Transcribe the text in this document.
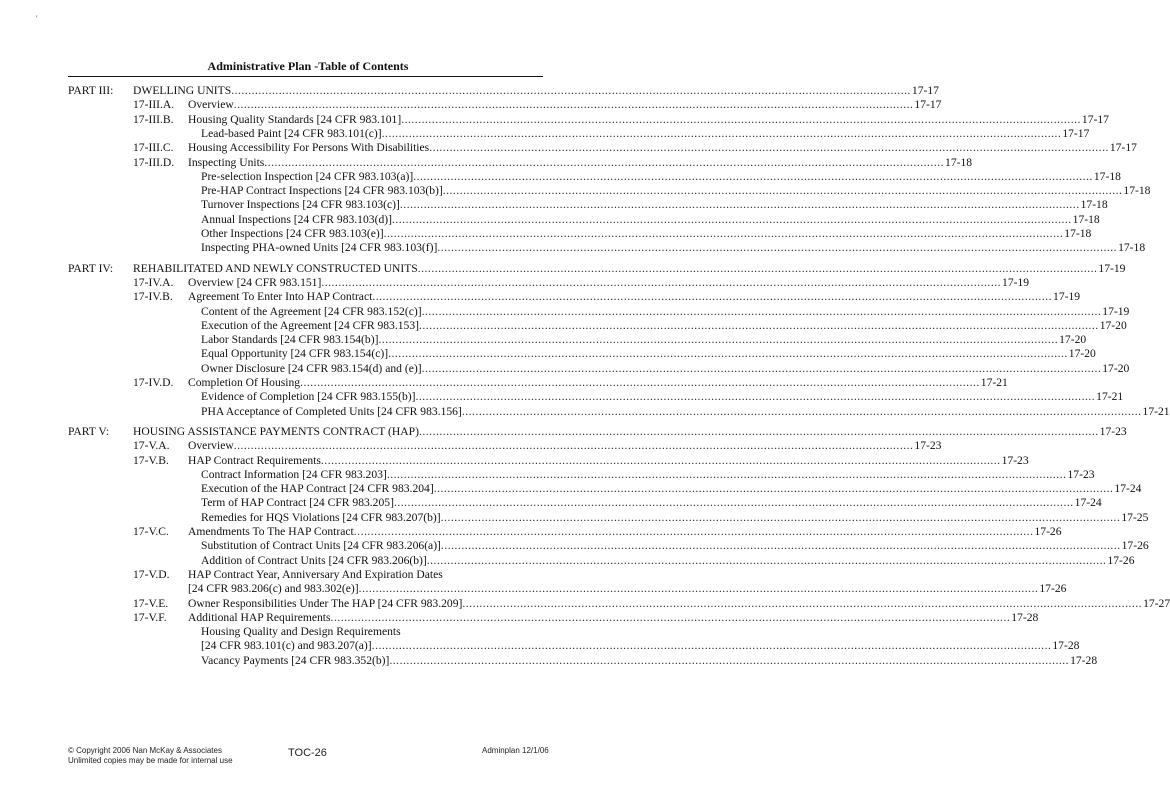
'
Administrative Plan -Table of Contents
PART III: DWELLING UNITS ........................................................................................................................................................................................................ 17-17
17-III.A. Overview ........................................................................................................................................................................................................ 17-17
17-III.B. Housing Quality Standards [24 CFR 983.101] ........................................................................................................................................................................................................ 17-17
Lead-based Paint [24 CFR 983.101(c)] ........................................................................................................................................................................................................ 17-17
17-III.C. Housing Accessibility For Persons With Disabilities ........................................................................................................................................................................................................ 17-17
17-III.D. Inspecting Units ........................................................................................................................................................................................................ 17-18
Pre-selection Inspection [24 CFR 983.103(a)] ........................................................................................................................................................................................................ 17-18
Pre-HAP Contract Inspections [24 CFR 983.103(b)] ........................................................................................................................................................................................................ 17-18
Turnover Inspections [24 CFR 983.103(c)] ........................................................................................................................................................................................................ 17-18
Annual Inspections [24 CFR 983.103(d)] ........................................................................................................................................................................................................ 17-18
Other Inspections [24 CFR 983.103(e)] ........................................................................................................................................................................................................ 17-18
Inspecting PHA-owned Units [24 CFR 983.103(f)] ........................................................................................................................................................................................................ 17-18
PART IV: REHABILITATED AND NEWLY CONSTRUCTED UNITS ........................................................................................................................................................................................................ 17-19
17-IV.A. Overview [24 CFR 983.151] ........................................................................................................................................................................................................ 17-19
17-IV.B. Agreement To Enter Into HAP Contract ........................................................................................................................................................................................................ 17-19
Content of the Agreement [24 CFR 983.152(c)] ........................................................................................................................................................................................................ 17-19
Execution of the Agreement [24 CFR 983.153] ........................................................................................................................................................................................................ 17-20
Labor Standards [24 CFR 983.154(b)] ........................................................................................................................................................................................................ 17-20
Equal Opportunity [24 CFR 983.154(c)] ........................................................................................................................................................................................................ 17-20
Owner Disclosure [24 CFR 983.154(d) and (e)] ........................................................................................................................................................................................................ 17-20
17-IV.D. Completion Of Housing ........................................................................................................................................................................................................ 17-21
Evidence of Completion [24 CFR 983.155(b)] ........................................................................................................................................................................................................ 17-21
PHA Acceptance of Completed Units [24 CFR 983.156] ........................................................................................................................................................................................................ 17-21
PART V: HOUSING ASSISTANCE PAYMENTS CONTRACT (HAP) ........................................................................................................................................................................................................ 17-23
17-V.A. Overview ........................................................................................................................................................................................................ 17-23
17-V.B. HAP Contract Requirements ........................................................................................................................................................................................................ 17-23
Contract Information [24 CFR 983.203] ........................................................................................................................................................................................................ 17-23
Execution of the HAP Contract [24 CFR 983.204] ........................................................................................................................................................................................................ 17-24
Term of HAP Contract [24 CFR 983.205] ........................................................................................................................................................................................................ 17-24
Remedies for HQS Violations [24 CFR 983.207(b)] ........................................................................................................................................................................................................ 17-25
17-V.C. Amendments To The HAP Contract ........................................................................................................................................................................................................ 17-26
Substitution of Contract Units [24 CFR 983.206(a)] ........................................................................................................................................................................................................ 17-26
Addition of Contract Units [24 CFR 983.206(b)] ........................................................................................................................................................................................................ 17-26
17-V.D. HAP Contract Year, Anniversary And Expiration Dates
[24 CFR 983.206(c) and 983.302(e)] ........................................................................................................................................................................................................ 17-26
17-V.E. Owner Responsibilities Under The HAP [24 CFR 983.209] ........................................................................................................................................................................................................ 17-27
17-V.F. Additional HAP Requirements ........................................................................................................................................................................................................ 17-28
Housing Quality and Design Requirements
[24 CFR 983.101(c) and 983.207(a)] ........................................................................................................................................................................................................ 17-28
Vacancy Payments [24 CFR 983.352(b)] ........................................................................................................................................................................................................ 17-28
© Copyright 2006 Nan McKay & Associates
Unlimited copies may be made for internal use
TOC-26	Adminplan 12/1/06
